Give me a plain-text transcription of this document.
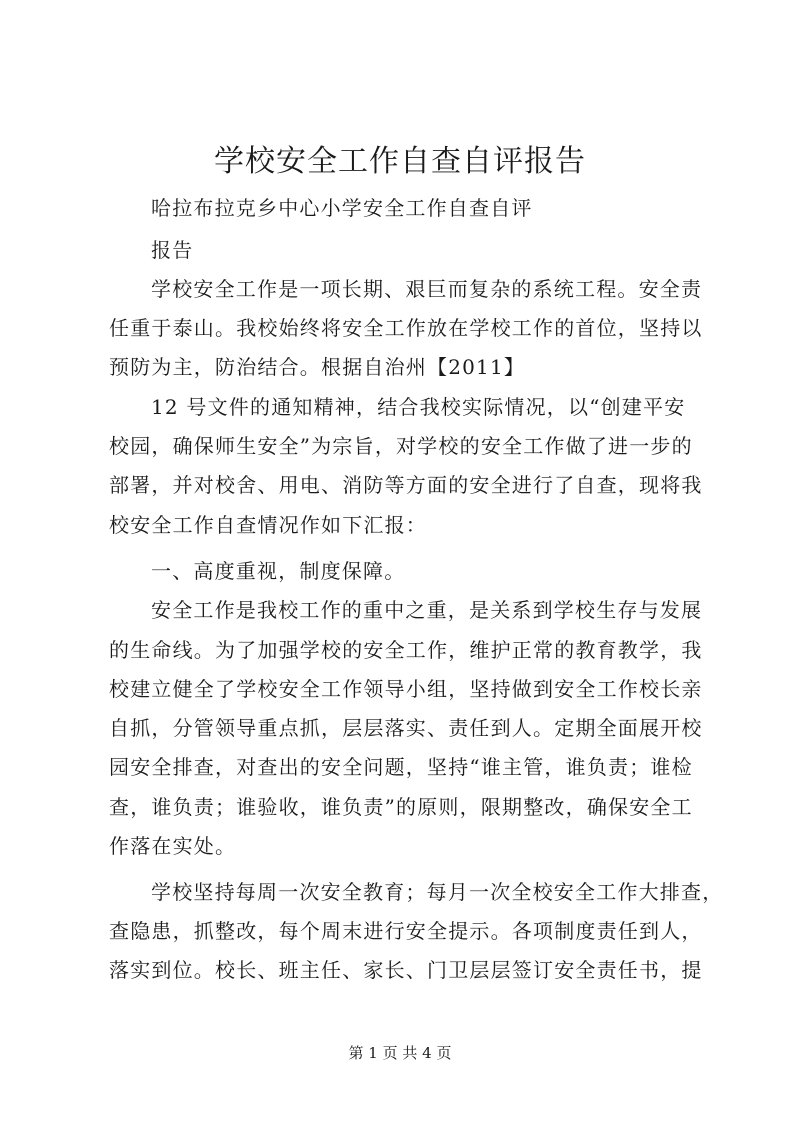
学校安全工作自查自评报告
哈拉布拉克乡中心小学安全工作自查自评
报告
学校安全工作是一项长期、艰巨而复杂的系统工程。安全责
任重于泰山。我校始终将安全工作放在学校工作的首位，坚持以
预防为主，防治结合。根据自治州【2011】
12 号文件的通知精神，结合我校实际情况，以“创建平安
校园，确保师生安全”为宗旨，对学校的安全工作做了进一步的
部署，并对校舍、用电、消防等方面的安全进行了自查，现将我
校安全工作自查情况作如下汇报：
一、高度重视，制度保障。
安全工作是我校工作的重中之重，是关系到学校生存与发展
的生命线。为了加强学校的安全工作，维护正常的教育教学，我
校建立健全了学校安全工作领导小组，坚持做到安全工作校长亲
自抓，分管领导重点抓，层层落实、责任到人。定期全面展开校
园安全排查，对查出的安全问题，坚持“谁主管，谁负责；谁检
查，谁负责；谁验收，谁负责”的原则，限期整改，确保安全工
作落在实处。
学校坚持每周一次安全教育；每月一次全校安全工作大排查，
查隐患，抓整改，每个周末进行安全提示。各项制度责任到人，
落实到位。校长、班主任、家长、门卫层层签订安全责任书，提
第 1 页 共 4 页
